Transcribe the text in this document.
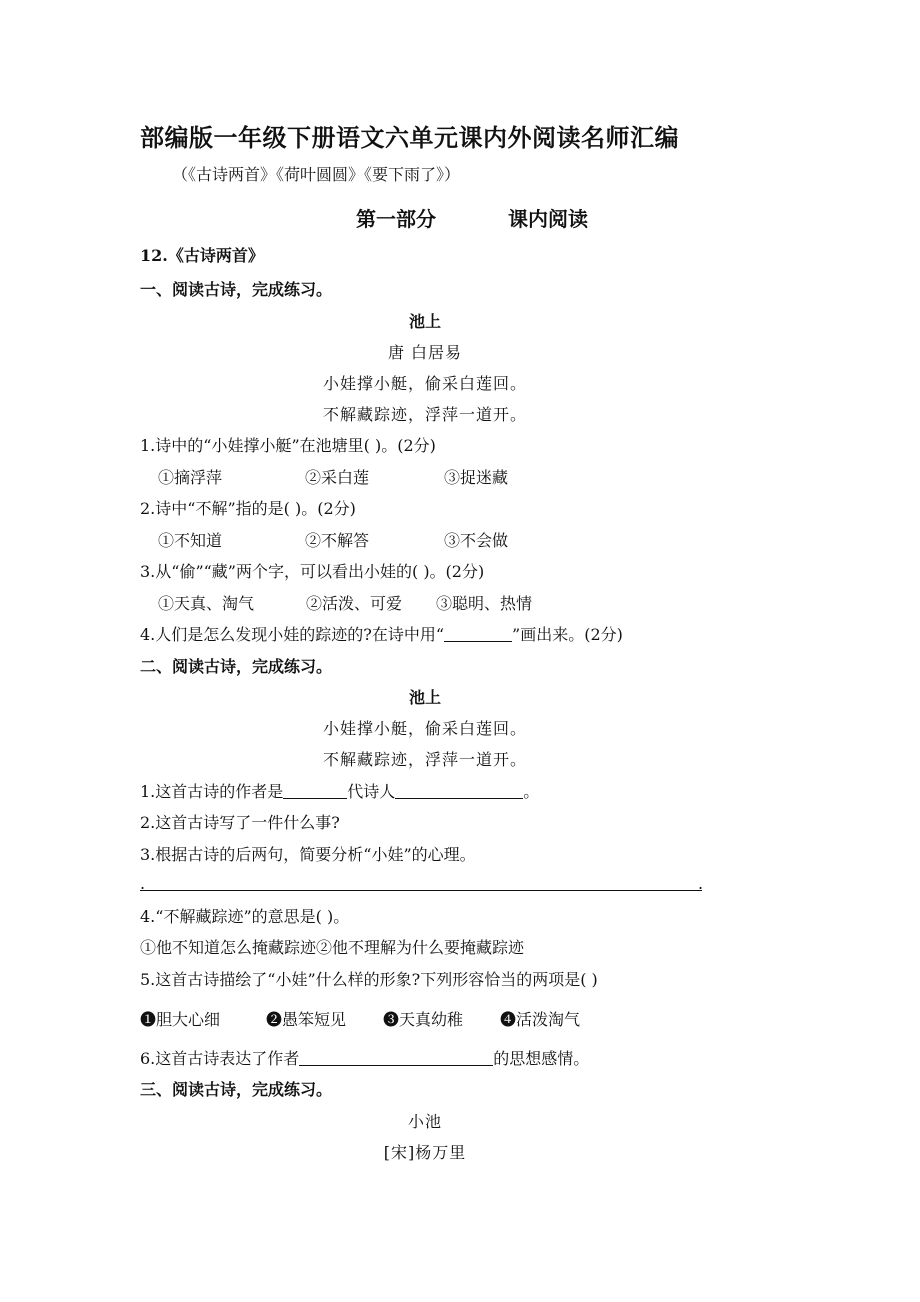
部编版一年级下册语文六单元课内外阅读名师汇编
（《古诗两首》《荷叶圆圆》《要下雨了》）
第一部分	课内阅读
12.《古诗两首》
一、阅读古诗，完成练习。
池上
唐 白居易
小娃撑小艇，偷采白莲回。
不解藏踪迹，浮萍一道开。
1.诗中的“小娃撑小艇”在池塘里( )。(2分)
①摘浮萍	②采白莲	③捉迷藏
2.诗中“不解”指的是( )。(2分)
①不知道	②不解答	③不会做
3.从“偷”“藏”两个字，可以看出小娃的( )。(2分)
①天真、淘气	②活泼、可爱 ③聪明、热情
4.人们是怎么发现小娃的踪迹的?在诗中用“	”画出来。(2分)
二、阅读古诗，完成练习。
池上
小娃撑小艇，偷采白莲回。
不解藏踪迹，浮萍一道开。
1.这首古诗的作者是	代诗人	。
2.这首古诗写了一件什么事?
3.根据古诗的后两句，简要分析“小娃”的心理。
.	.
4.“不解藏踪迹”的意思是( )。
①他不知道怎么掩藏踪迹②他不理解为什么要掩藏踪迹
5.这首古诗描绘了“小娃”什么样的形象?下列形容恰当的两项是( )
❶胆大心细	❷愚笨短见 ❸天真幼稚 ❹活泼淘气
6.这首古诗表达了作者	的思想感情。
三、阅读古诗，完成练习。
小池
[宋]杨万里
